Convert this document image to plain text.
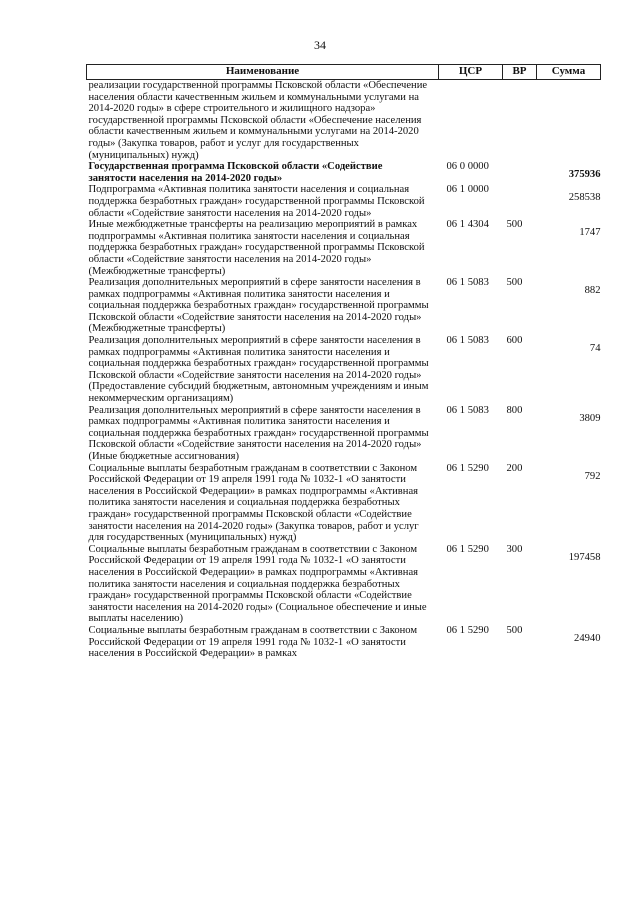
34
Наименование	ЦСР	ВР	Сумма
реализации государственной программы Псковской области «Обеспечение населения области качественным жильем и коммунальными услугами на 2014-2020 годы» в сфере строительного и жилищного надзора» государственной программы Псковской области «Обеспечение населения области качественным жильем и коммунальными услугами на 2014-2020 годы» (Закупка товаров, работ и услуг для государственных (муниципальных) нужд)			
Государственная программа Псковской области «Содействие занятости населения на 2014-2020 годы»	06 0 0000		375936
Подпрограмма «Активная политика занятости населения и социальная поддержка безработных граждан» государственной программы Псковской области «Содействие занятости населения на 2014-2020 годы»	06 1 0000		258538
Иные межбюджетные трансферты на реализацию мероприятий в рамках подпрограммы «Активная политика занятости населения и социальная поддержка безработных граждан» государственной программы Псковской области «Содействие занятости населения на 2014-2020 годы» (Межбюджетные трансферты)	06 1 4304	500	1747
Реализация дополнительных мероприятий в сфере занятости населения в рамках подпрограммы «Активная политика занятости населения и социальная поддержка безработных граждан» государственной программы Псковской области «Содействие занятости населения на 2014-2020 годы» (Межбюджетные трансферты)	06 1 5083	500	882
Реализация дополнительных мероприятий в сфере занятости населения в рамках подпрограммы «Активная политика занятости населения и социальная поддержка безработных граждан» государственной программы Псковской области «Содействие занятости населения на 2014-2020 годы» (Предоставление субсидий бюджетным, автономным учреждениям и иным некоммерческим организациям)	06 1 5083	600	74
Реализация дополнительных мероприятий в сфере занятости населения в рамках подпрограммы «Активная политика занятости населения и социальная поддержка безработных граждан» государственной программы Псковской области «Содействие занятости населения на 2014-2020 годы» (Иные бюджетные ассигнования)	06 1 5083	800	3809
Социальные выплаты безработным гражданам в соответствии с Законом Российской Федерации от 19 апреля 1991 года № 1032-1 «О занятости населения в Российской Федерации» в рамках подпрограммы «Активная политика занятости населения и социальная поддержка безработных граждан» государственной программы Псковской области «Содействие занятости населения на 2014-2020 годы» (Закупка товаров, работ и услуг для государственных (муниципальных) нужд)	06 1 5290	200	792
Социальные выплаты безработным гражданам в соответствии с Законом Российской Федерации от 19 апреля 1991 года № 1032-1 «О занятости населения в Российской Федерации» в рамках подпрограммы «Активная политика занятости населения и социальная поддержка безработных граждан» государственной программы Псковской области «Содействие занятости населения на 2014-2020 годы» (Социальное обеспечение и иные выплаты населению)	06 1 5290	300	197458
Социальные выплаты безработным гражданам в соответствии с Законом Российской Федерации от 19 апреля 1991 года № 1032-1 «О занятости населения в Российской Федерации» в рамках	06 1 5290	500	24940
